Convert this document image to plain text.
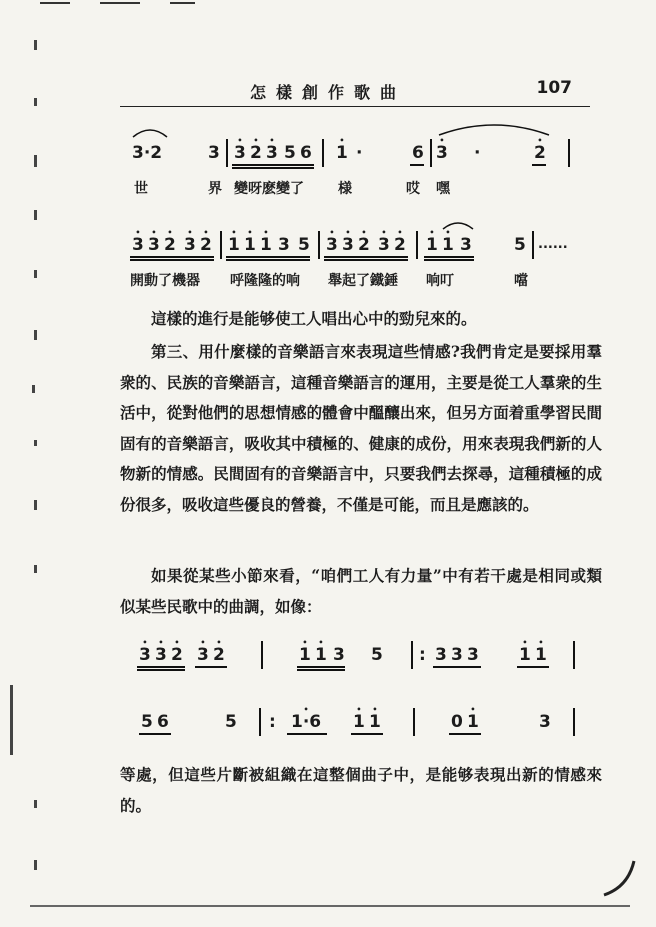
怎樣創作歌曲	107
3·2	3 • 3 • 2 • 3 5 6 • 1 ·	6 • 3 ·	• 2
世	界 變呀麽變了 様	哎 嘿
• 3 • 3 • 2 • 3 • 2 • 1 • 1 • 1 3 5 • 3 • 3 • 2 • 3 • 2 • 1 • 1 3 5 ......
開動了機器 呼隆隆的响 舉起了鐵錘 响叮	噹

這樣的進行是能够使工人唱出心中的勁兒來的。

第三、用什麼樣的音樂語言來表現這些情感?我們肯定是要採用羣衆的、民族的音樂語言，這種音樂語言的運用，主要是從工人羣衆的生活中，從對他們的思想情感的體會中醞釀出來，但另方面着重學習民間固有的音樂語言，吸收其中積極的、健康的成份，用來表現我們新的人物新的情感。民間固有的音樂語言中，只要我們去探尋，這種積極的成份很多，吸收這些優良的營養，不僅是可能，而且是應該的。

如果從某些小節來看，“咱們工人有力量”中有若干處是相同或類似某些民歌中的曲調，如像：

• 3 • 3 • 2 • 3 • 2	• 1 • 1 3 5 : 3 3 3 • 1 • 1
5 6	5 : • 1·6 • 1 • 1	0 • 1	3

等處，但這些片斷被組織在這整個曲子中，是能够表現出新的情感來的。
